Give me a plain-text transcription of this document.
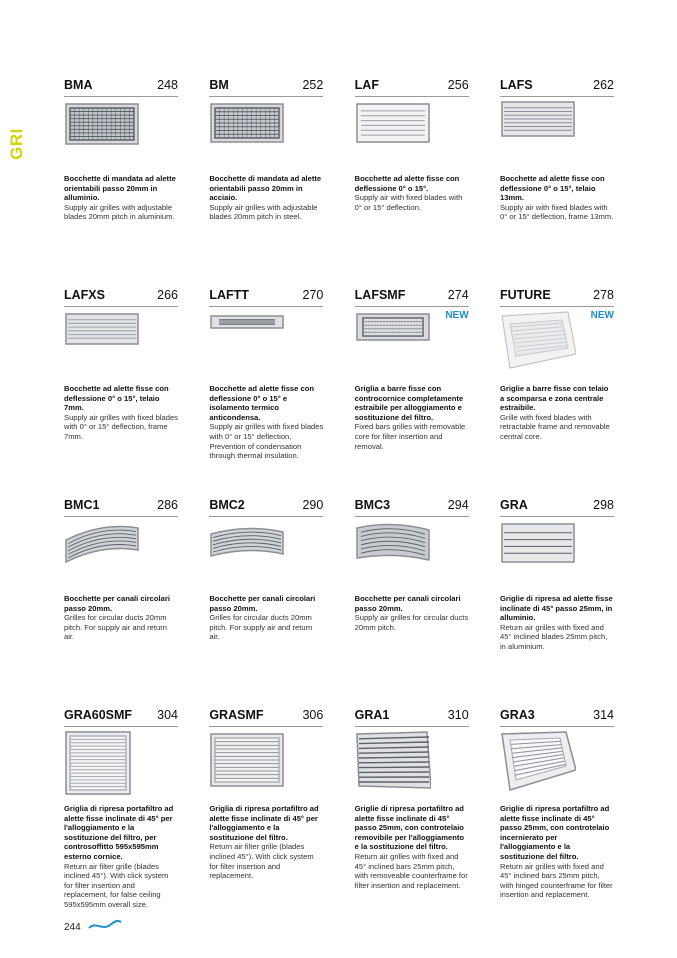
GRI
BMA	248
Bocchette di mandata ad alette orientabili passo 20mm in alluminio.
Supply air grilles with adjustable blades 20mm pitch in aluminium.
BM	252
Bocchette di mandata ad alette orientabili passo 20mm in acciaio.
Supply air grilles with adjustable blades 20mm pitch in steel.
LAF	256
Bocchette ad alette fisse con deflessione 0° o 15°.
Supply air with fixed blades with 0° or 15° deflection.
LAFS	262
Bocchette ad alette fisse con deflessione 0° o 15°, telaio 13mm.
Supply air with fixed blades with 0° or 15° deflection, frame 13mm.
LAFXS	266
Bocchette ad alette fisse con deflessione 0° o 15°, telaio 7mm.
Supply air grilles with fixed blades with 0° or 15° deflection, frame 7mm.
LAFTT	270
Bocchette ad alette fisse con deflessione 0° o 15° e isolamento termico anticondensa.
Supply air grilles with fixed blades with 0° or 15° deflection. Prevention of condensation through thermal insulation.
LAFSMF	274
NEW
Griglia a barre fisse con controcornice completamente estraibile per alloggiamento e sostituzione del filtro.
Fixed bars grilles with removable core for filter insertion and removal.
FUTURE	278
NEW
Griglie a barre fisse con telaio a scomparsa e zona centrale estraibile.
Grille with fixed blades with retractable frame and removable central core.
BMC1	286
Bocchette per canali circolari passo 20mm.
Grilles for circular ducts 20mm pitch. For supply air and return air.
BMC2	290
Bocchette per canali circolari passo 20mm.
Grilles for circular ducts 20mm pitch. For supply air and return air.
BMC3	294
Bocchette per canali circolari passo 20mm.
Supply air grilles for circular ducts 20mm pitch.
GRA	298
Griglie di ripresa ad alette fisse inclinate di 45° passo 25mm, in alluminio.
Return air grilles with fixed and 45° inclined blades 25mm pitch, in aluminium.
GRA60SMF 304
Griglia di ripresa portafiltro ad alette fisse inclinate di 45° per l'alloggiamento e la sostituzione del filtro, per controsoffitto 595x595mm esterno cornice.
Return air filter grille (blades inclined 45°). With click system for filter insertion and replacement, for false ceiling 595x595mm overall size.
GRASMF	306
Griglia di ripresa portafiltro ad alette fisse inclinate di 45° per l'alloggiamento e la sostituzione del filtro.
Return air filter grille (blades inclined 45°). With click system for filter insertion and replacement.
GRA1	310
Griglie di ripresa portafiltro ad alette fisse inclinate di 45° passo 25mm, con controtelaio removibile per l'alloggiamento e la sostituzione del filtro.
Return air grilles with fixed and 45° inclined bars 25mm pitch, with removeable counterframe for filter insertion and replacement.
GRA3	314
Griglie di ripresa portafiltro ad alette fisse inclinate di 45° passo 25mm, con controtelaio incernierato per l'alloggiamento e la sostituzione del filtro.
Return air grilles with fixed and 45° inclined bars 25mm pitch, with hinged counterframe for filter insertion and replacement.
244
